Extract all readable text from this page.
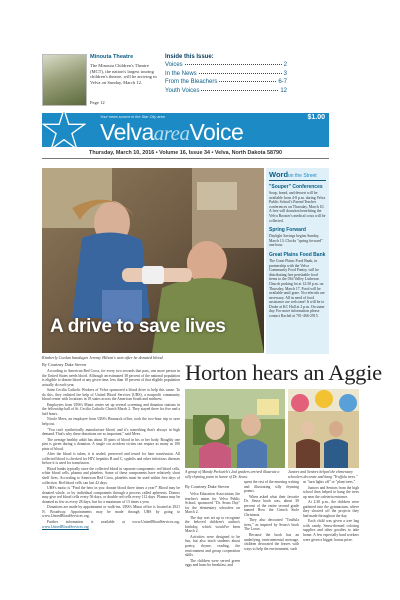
Minouta Theatre
The Minouta Children's Theatre (MCT), the nation's largest touring children's theatre, will be arriving in Velva on Sunday, March 12.
Page 12
Inside this Issue:
Voices	2
In the News	3
From the Bleachers	6-7
Youth Voices	12
Your news source in the Star City area	$1.00
VelvaareaVoice
Thursday, March 10, 2016 • Volume 16, Issue 34 • Velva, North Dakota 58790
A drive to save lives
Kimberly Conlan bandages Jeremy Hilson's arm after he donated blood.
Wordon the Street
"Souper" Conferences
Soup, bread, and dessert will be available from 4-8 p.m. during Velva Public School's Parent/Teacher conferences on Thursday, March 10. A free will donation benefiting the Velva Booster's medical costs will be collected.
Spring Forward
Daylight Savings begins Sunday, March 13. Clocks "spring forward" one hour.
Great Plains Food Bank
The Great Plains Food Bank, in partnership with the Velva Community Food Pantry, will be distributing free perishable food items to the Old Valley Lutheran Church parking lot at 12:30 p.m. on Thursday, March 17. Food will be available until gone. No referrals are necessary. All in need of food assistance are welcome! It will be to Drake at KC Hall at 2 p.m. On same day. For more information please contact Rachel at 701-466-2915.
By Courtney Duke Steven

According to American Red Cross, for every two seconds that pass, one more person in the United States needs blood. Although an estimated 38 percent of the national population is eligible to donate blood at any given time, less than 10 percent of that eligible population actually do each year.

Saint Cecilia Catholic Workers of Velva sponsored a blood drive to help this cause. To do this, they enlisted the help of United Blood Services (UBS), a nonprofit community blood center with locations in 18 states across the American South and midwest.

Employees from UBS's Minot center set up several screening and donation stations in the fellowship hall of St. Cecilia Catholic Church March 2. They stayed there for five and a half hours.

Nicole Mees, an employee from UBS's Bismarck office, took the two-hour trip to save help out.

"You can't synthetically manufacture blood, and it's something that's always in high demand. That's why these donations are so important," said Mees.

The average healthy adult has about 10 pints of blood in his or her body. Roughly one pint is given during a donation. A single car accident victim can require as many as 100 pints of blood.

After the blood is taken, it is sealed, preserved and tested for later transfusion. All collected blood is checked for HIV, hepatitis B and C, syphilis and other infectious diseases before it is used for transfusion.

Blood banks typically store the collected blood in separate components: red blood cells, white blood cells, plasma and platelets. Some of these components have relatively short shelf lives. According to American Red Cross, platelets must be used within five days of collection. Red blood cells can last 42 days.

UBS's motto is "Find the hero in you: donate blood three times a year!" Blood may be donated whole, or by individual components through a process called apheresis. Donors may give red blood cells every 56 days, or double red cells every 112 days. Plasma may be donated as few as every 28 days, but for a maximum of 13 times a year.

Donations are made by appointment or walk-ins. UBS's Minot office is located at 2921 N. Broadway. Appointments may be made through UBS by going to www.UnitedBloodServices.org.

Further information is available at www.UnitedBloodServices.org. www.UnitedBloodServices.org

Horton hears an Aggie
A group of Mandy Peckwich's 2nd graders arrived illustrate a silly rhyming poem in honor of Dr. Seuss.
Juniors and Seniors helped the elementary schoolers decorate and hang "Truffula trees."
By Courtney Duke Steven

Velva Education Association, the teacher's union for Velva Public School, sponsored "Dr. Seuss Day" for the elementary schoolers on March 2.

The day was set up to recognize the beloved children's author's birthday, which would've been March 2.

Activities were designed to be fun, but also teach students about poetry, rhyme, reading, the environment and group cooperation skills.

The children were served green eggs and ham for breakfast, and

spent the rest of the morning writing and illustrating silly rhyming poems.

When asked what their favorite Dr. Seuss book was, about 30 percent of the entire second grade named How the Grinch Stole Christmas.

They also decorated "Truffula trees," as inspired by Seuss's book The Lorax.

Because the book has an underlying environmental message, children decorated the leaves with ways to help the environment, such

as "turn lights off" or "plant trees."

Juniors and Seniors from the high school then helped to hang the trees up near the cafeteria entrance.

At 2:30 p.m., the children were gathered into the gymnasium, where they showed off the projects they had made throughout the day.

Each child was given a tree bag with candy, Seuss-themed coloring supplies and other goodies to take home. A few especially hard workers were given a bigger, bonus prize.
